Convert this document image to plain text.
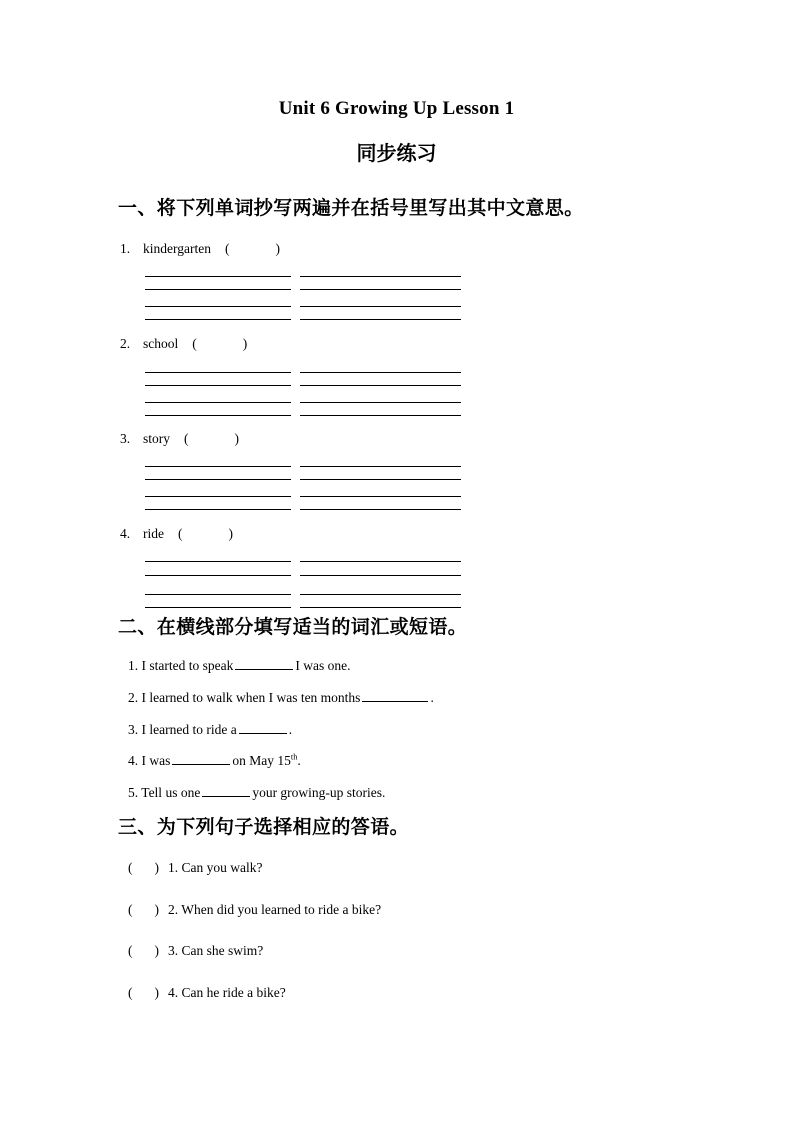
Unit 6 Growing Up Lesson 1
同步练习
一、将下列单词抄写两遍并在括号里写出其中文意思。
1. kindergarten (	)
2. school (	)
3. story (	)
4. ride (	)
二、在横线部分填写适当的词汇或短语。
1. I started to speak	I was one.
2. I learned to walk when I was ten months	.
3. I learned to ride a	.
4. I was	on May 15th.
5. Tell us one	your growing-up stories.
三、为下列句子选择相应的答语。
( ) 1. Can you walk?
( ) 2. When did you learned to ride a bike?
( ) 3. Can she swim?
( ) 4. Can he ride a bike?
